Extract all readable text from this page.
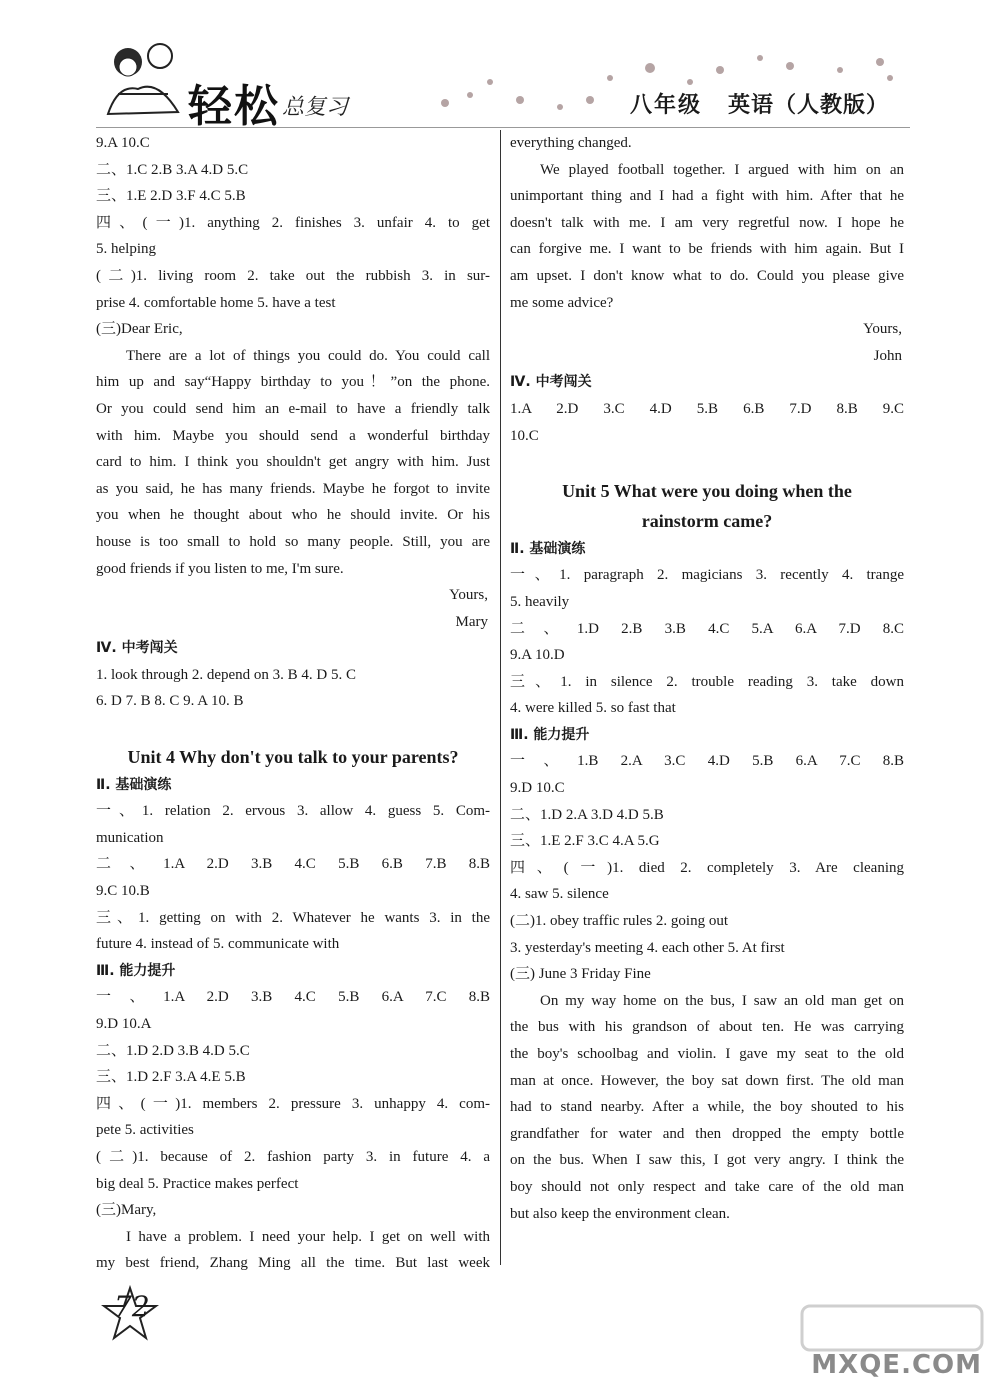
轻松 总复习	八年级 英语（人教版）
9.A 10.C
二、1.C 2.B 3.A 4.D 5.C
三、1.E 2.D 3.F 4.C 5.B
四、(一)1. anything 2. finishes 3. unfair 4. to get
5. helping
(二)1. living room 2. take out the rubbish 3. in sur-
prise 4. comfortable home 5. have a test
(三)Dear Eric,
There are a lot of things you could do. You could call
him up and say“Happy birthday to you！”on the phone.
Or you could send him an e-mail to have a friendly talk
with him. Maybe you should send a wonderful birthday
card to him. I think you shouldn't get angry with him. Just
as you said, he has many friends. Maybe he forgot to invite
you when he thought about who he should invite. Or his
house is too small to hold so many people. Still, you are
good friends if you listen to me, I'm sure.
Yours,
Mary
Ⅳ. 中考闯关
1. look through 2. depend on 3. B 4. D 5. C
6. D 7. B 8. C 9. A 10. B
Unit 4 Why don't you talk to your parents?
Ⅱ. 基础演练
一、1. relation 2. ervous 3. allow 4. guess 5. Com-
munication
二、1.A 2.D 3.B 4.C 5.B 6.B 7.B 8.B
9.C 10.B
三、1. getting on with 2. Whatever he wants 3. in the
future 4. instead of 5. communicate with
Ⅲ. 能力提升
一、1.A 2.D 3.B 4.C 5.B 6.A 7.C 8.B
9.D 10.A
二、1.D 2.D 3.B 4.D 5.C
三、1.D 2.F 3.A 4.E 5.B
四、(一)1. members 2. pressure 3. unhappy 4. com-
pete 5. activities
(二)1. because of 2. fashion party 3. in future 4. a
big deal 5. Practice makes perfect
(三)Mary,
I have a problem. I need your help. I get on well with
my best friend, Zhang Ming all the time. But last week
everything changed.
We played football together. I argued with him on an
unimportant thing and I had a fight with him. After that he
doesn't talk with me. I am very regretful now. I hope he
can forgive me. I want to be friends with him again. But I
am upset. I don't know what to do. Could you please give
me some advice?
Yours,
John
Ⅳ. 中考闯关
1.A 2.D 3.C 4.D 5.B 6.B 7.D 8.B 9.C
10.C
Unit 5 What were you doing when the
rainstorm came?
Ⅱ. 基础演练
一、1. paragraph 2. magicians 3. recently 4. trange
5. heavily
二、1.D 2.B 3.B 4.C 5.A 6.A 7.D 8.C
9.A 10.D
三、1. in silence 2. trouble reading 3. take down
4. were killed 5. so fast that
Ⅲ. 能力提升
一、1.B 2.A 3.C 4.D 5.B 6.A 7.C 8.B
9.D 10.C
二、1.D 2.A 3.D 4.D 5.B
三、1.E 2.F 3.C 4.A 5.G
四、(一)1. died 2. completely 3. Are cleaning
4. saw 5. silence
(二)1. obey traffic rules 2. going out
3. yesterday's meeting 4. each other 5. At first
(三) June 3 Friday Fine
On my way home on the bus, I saw an old man get on
the bus with his grandson of about ten. He was carrying
the boy's schoolbag and violin. I gave my seat to the old
man at once. However, the boy sat down first. The old man
had to stand nearby. After a while, the boy shouted to his
grandfather for water and then dropped the empty bottle
on the bus. When I saw this, I got very angry. I think the
boy should not only respect and take care of the old man
but also keep the environment clean.
72
MXQE.COM
